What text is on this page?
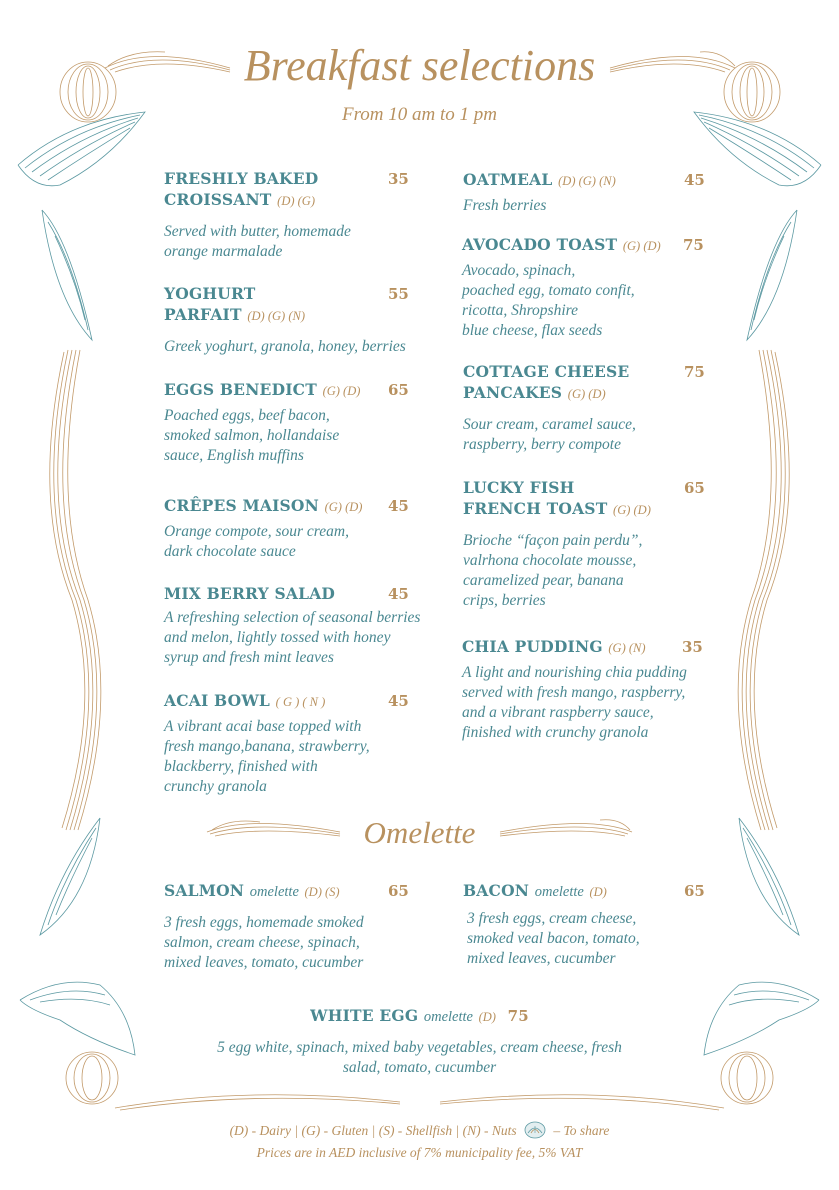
Breakfast selections
From 10 am to 1 pm
FRESHLY BAKED
CROISSANT (D) (G)
Served with butter, homemade
orange marmalade
35
YOGHURT
PARFAIT (D) (G) (N)
Greek yoghurt, granola, honey, berries
55
EGGS BENEDICT (G) (D)
Poached eggs, beef bacon,
smoked salmon, hollandaise
sauce, English muffins
65
CRÊPES MAISON (G) (D)
Orange compote, sour cream,
dark chocolate sauce
45
MIX BERRY SALAD
A refreshing selection of seasonal berries
and melon, lightly tossed with honey
syrup and fresh mint leaves
45
ACAI BOWL ( G ) ( N )
A vibrant acai base topped with
fresh mango,banana, strawberry,
blackberry, finished with
crunchy granola
45
OATMEAL (D) (G) (N)
Fresh berries
45
AVOCADO TOAST (G) (D)
Avocado, spinach,
poached egg, tomato confit,
ricotta, Shropshire
blue cheese, flax seeds
75
COTTAGE CHEESE
PANCAKES (G) (D)
Sour cream, caramel sauce,
raspberry, berry compote
75
LUCKY FISH
FRENCH TOAST (G) (D)
Brioche “façon pain perdu”,
valrhona chocolate mousse,
caramelized pear, banana
crips, berries
65
CHIA PUDDING (G) (N)
A light and nourishing chia pudding
served with fresh mango, raspberry,
and a vibrant raspberry sauce,
finished with crunchy granola
35
Omelette
SALMON omelette (D) (S)
3 fresh eggs, homemade smoked
salmon, cream cheese, spinach,
mixed leaves, tomato, cucumber
65	BACON omelette (D)
3 fresh eggs, cream cheese,
smoked veal bacon, tomato,
mixed leaves, cucumber
65
WHITE EGG omelette (D) 75
5 egg white, spinach, mixed baby vegetables, cream cheese, fresh
salad, tomato, cucumber
(D) - Dairy | (G) - Gluten | (S) - Shellfish | (N) - Nuts	– To share
Prices are in AED inclusive of 7% municipality fee, 5% VAT
